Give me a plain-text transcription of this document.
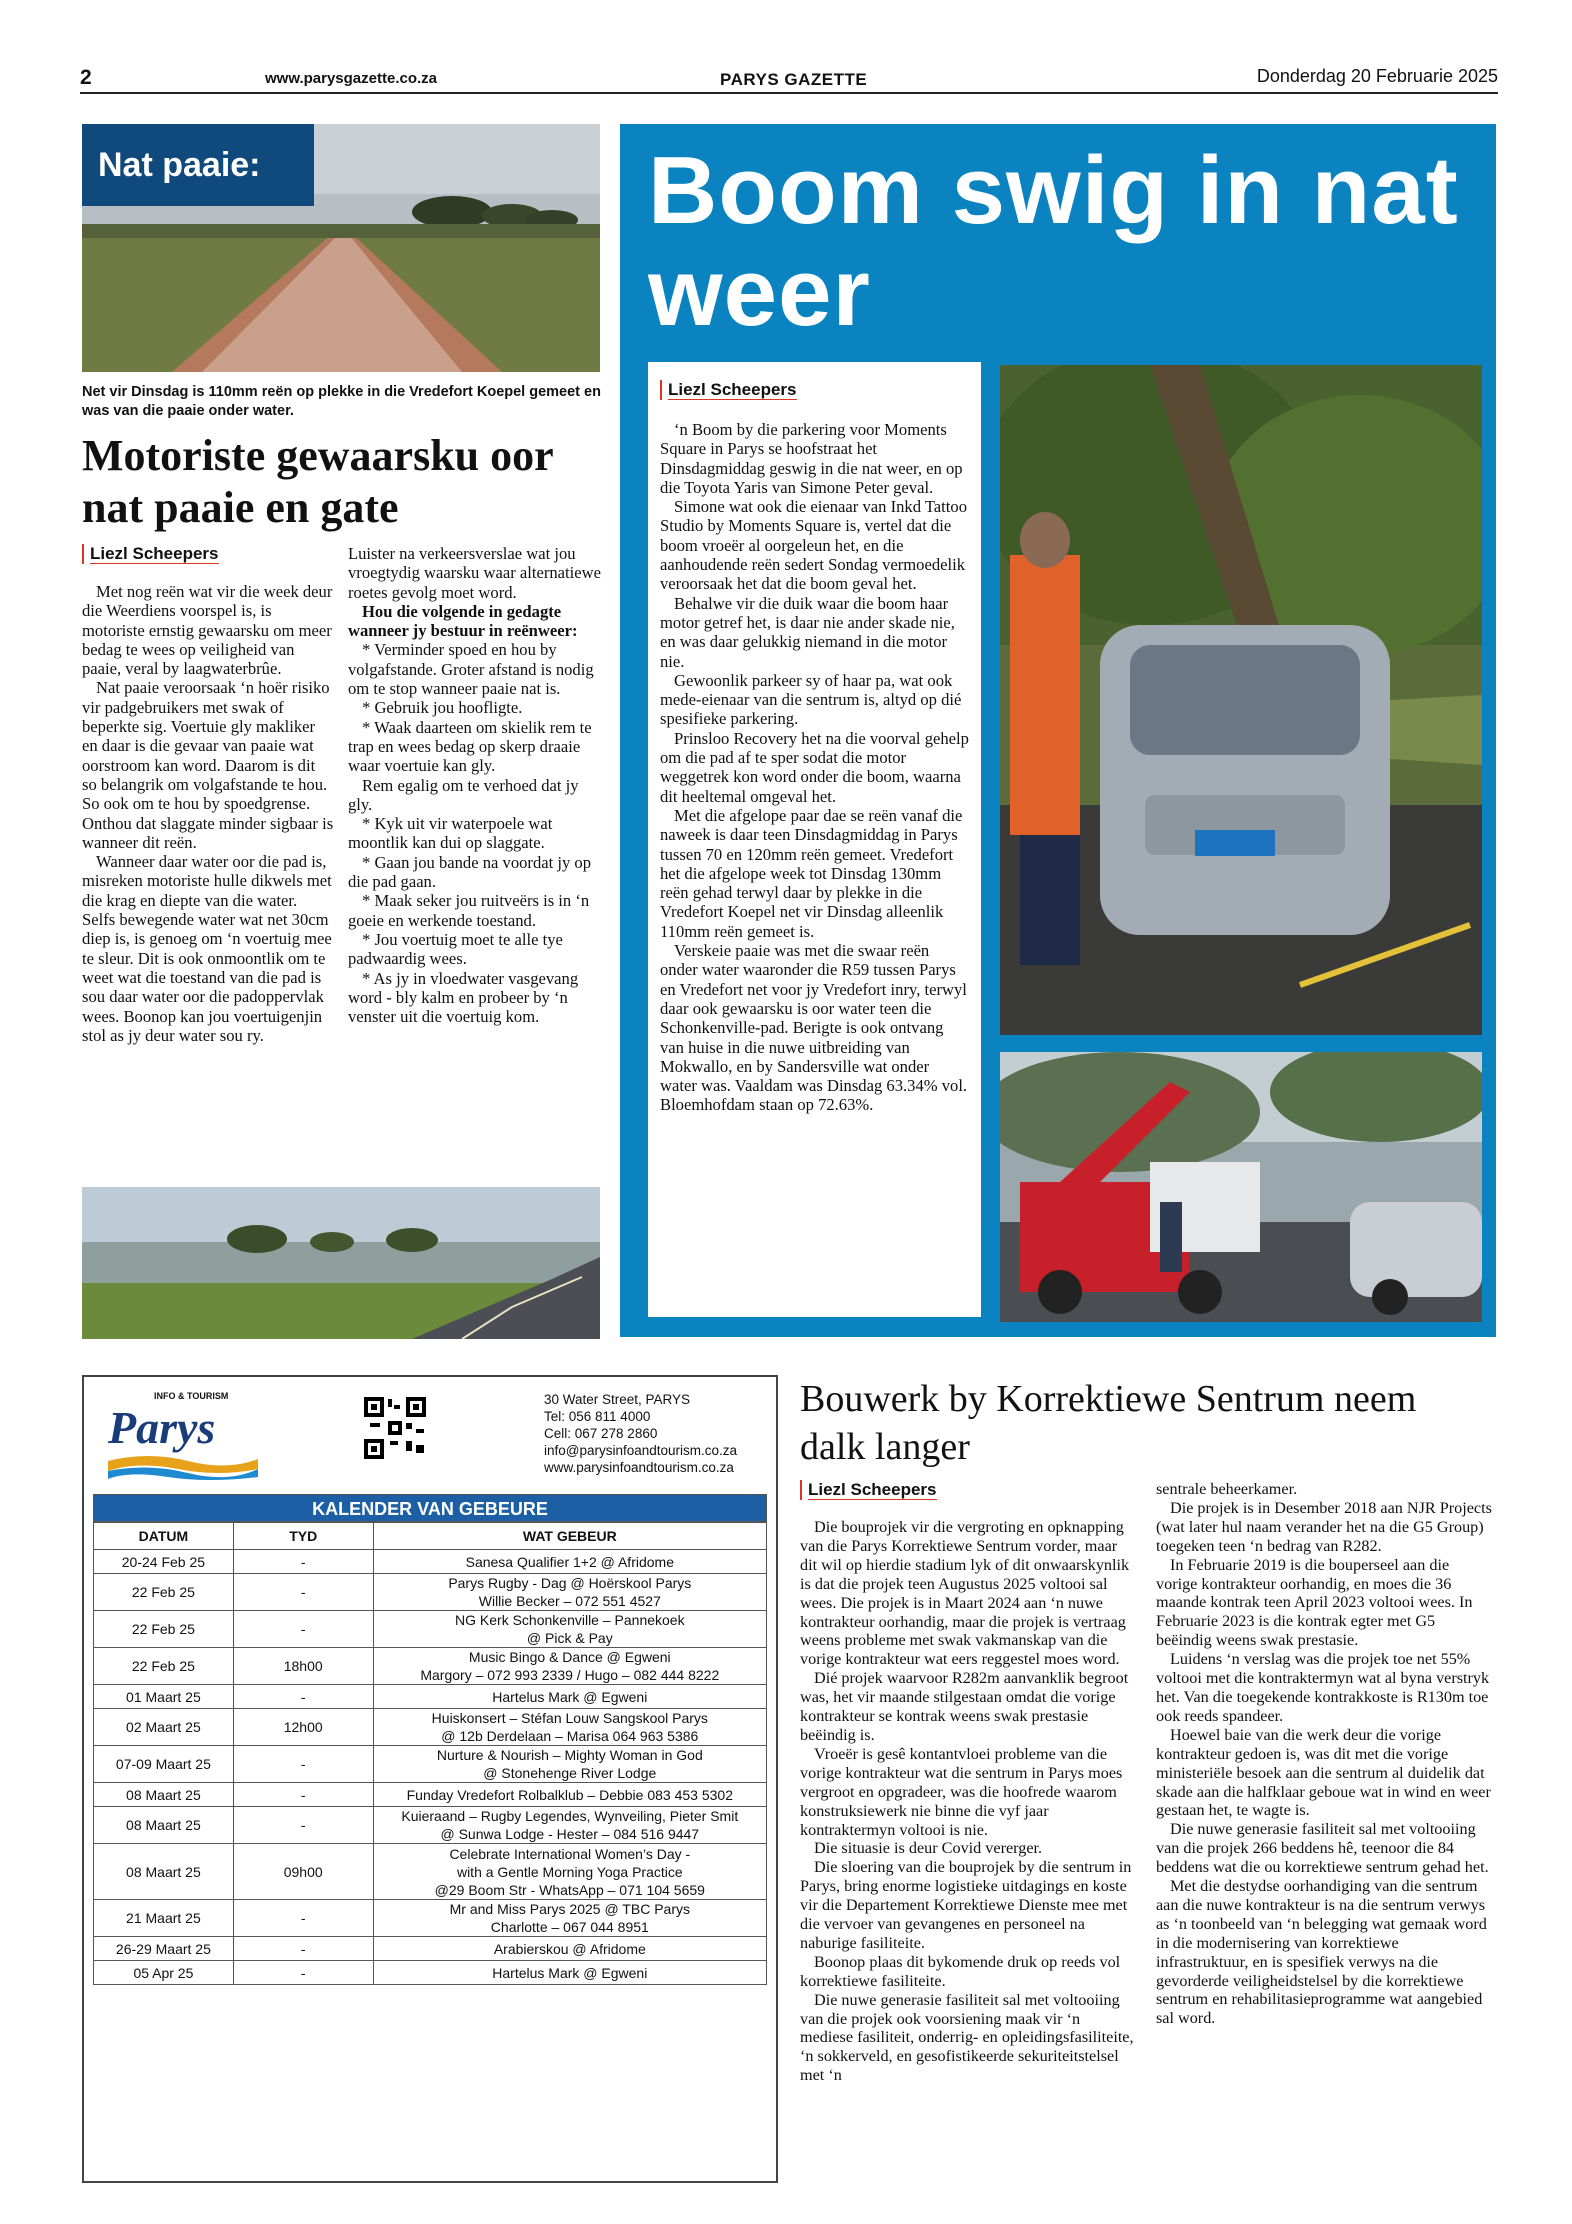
2	www.parysgazette.co.za	PARYS GAZETTE	Donderdag 20 Februarie 2025
Nat paaie:
Net vir Dinsdag is 110mm reën op plekke in die Vredefort Koepel gemeet en was van die paaie onder water.
Motoriste gewaarsku oor nat paaie en gate
Liezl Scheepers

Met nog reën wat vir die week deur die Weerdiens voorspel is, is motoriste ernstig gewaarsku om meer bedag te wees op veiligheid van paaie, veral by laagwaterbrûe.

Nat paaie veroorsaak ‘n hoër risiko vir padgebruikers met swak of beperkte sig. Voertuie gly makliker en daar is die gevaar van paaie wat oorstroom kan word. Daarom is dit so belangrik om volgafstande te hou. So ook om te hou by spoedgrense. Onthou dat slaggate minder sigbaar is wanneer dit reën.

Wanneer daar water oor die pad is, misreken motoriste hulle dikwels met die krag en diepte van die water. Selfs bewegende water wat net 30cm diep is, is genoeg om ‘n voertuig mee te sleur. Dit is ook onmoontlik om te weet wat die toestand van die pad is sou daar water oor die padoppervlak wees. Boonop kan jou voertuigenjin stol as jy deur water sou ry.

Luister na verkeersverslae wat jou vroegtydig waarsku waar alternatiewe roetes gevolg moet word.

Hou die volgende in gedagte wanneer jy bestuur in reënweer:

* Verminder spoed en hou by volgafstande. Groter afstand is nodig om te stop wanneer paaie nat is.

* Gebruik jou hoofligte.

* Waak daarteen om skielik rem te trap en wees bedag op skerp draaie waar voertuie kan gly.

Rem egalig om te verhoed dat jy gly.

* Kyk uit vir waterpoele wat moontlik kan dui op slaggate.

* Gaan jou bande na voordat jy op die pad gaan.

* Maak seker jou ruitveërs is in ‘n goeie en werkende toestand.

* Jou voertuig moet te alle tye padwaardig wees.

* As jy in vloedwater vasgevang word - bly kalm en probeer by ‘n venster uit die voertuig kom.

Boom swig in nat weer
Liezl Scheepers

‘n Boom by die parkering voor Moments Square in Parys se hoofstraat het Dinsdagmiddag geswig in die nat weer, en op die Toyota Yaris van Simone Peter geval.

Simone wat ook die eienaar van Inkd Tattoo Studio by Moments Square is, vertel dat die boom vroeër al oorgeleun het, en die aanhoudende reën sedert Sondag vermoedelik veroorsaak het dat die boom geval het.

Behalwe vir die duik waar die boom haar motor getref het, is daar nie ander skade nie, en was daar gelukkig niemand in die motor nie.

Gewoonlik parkeer sy of haar pa, wat ook mede-eienaar van die sentrum is, altyd op dié spesifieke parkering.

Prinsloo Recovery het na die voorval gehelp om die pad af te sper sodat die motor weggetrek kon word onder die boom, waarna dit heeltemal omgeval het.

Met die afgelope paar dae se reën vanaf die naweek is daar teen Dinsdagmiddag in Parys tussen 70 en 120mm reën gemeet. Vredefort het die afgelope week tot Dinsdag 130mm reën gehad terwyl daar by plekke in die Vredefort Koepel net vir Dinsdag alleenlik 110mm reën gemeet is.

Verskeie paaie was met die swaar reën onder water waaronder die R59 tussen Parys en Vredefort net voor jy Vredefort inry, terwyl daar ook gewaarsku is oor water teen die Schonkenville-pad. Berigte is ook ontvang van huise in die nuwe uitbreiding van Mokwallo, en by Sandersville wat onder water was. Vaaldam was Dinsdag 63.34% vol. Bloemhofdam staan op 72.63%.

INFO & TOURISM
Parys
30 Water Street, PARYS
Tel: 056 811 4000
Cell: 067 278 2860
info@parysinfoandtourism.co.za
www.parysinfoandtourism.co.za
KALENDER VAN GEBEURE
DATUM	TYD	WAT GEBEUR
20-24 Feb 25	-	Sanesa Qualifier 1+2 @ Afridome

22 Feb 25	-	Parys Rugby - Dag @ Hoërskool Parys
Willie Becker – 072 551 4527

22 Feb 25	-	NG Kerk Schonkenville – Pannekoek
@ Pick & Pay

22 Feb 25	18h00	Music Bingo & Dance @ Egweni
Margory – 072 993 2339 / Hugo – 082 444 8222

01 Maart 25	-	Hartelus Mark @ Egweni

02 Maart 25	12h00	Huiskonsert – Stéfan Louw Sangskool Parys
@ 12b Derdelaan – Marisa 064 963 5386

07-09 Maart 25	-	Nurture & Nourish – Mighty Woman in God
@ Stonehenge River Lodge

08 Maart 25	-	Funday Vredefort Rolbalklub – Debbie 083 453 5302

08 Maart 25	-	Kuieraand – Rugby Legendes, Wynveiling, Pieter Smit
@ Sunwa Lodge - Hester – 084 516 9447

08 Maart 25	09h00	Celebrate International Women’s Day -
with a Gentle Morning Yoga Practice
@29 Boom Str - WhatsApp – 071 104 5659

21 Maart 25	-	Mr and Miss Parys 2025 @ TBC Parys
Charlotte – 067 044 8951

26-29 Maart 25	-	Arabierskou @ Afridome

05 Apr 25	-	Hartelus Mark @ Egweni
Bouwerk by Korrektiewe Sentrum neem dalk langer
Liezl Scheepers

Die bouprojek vir die vergroting en opknapping van die Parys Korrektiewe Sentrum vorder, maar dit wil op hierdie stadium lyk of dit onwaarskynlik is dat die projek teen Augustus 2025 voltooi sal wees. Die projek is in Maart 2024 aan ‘n nuwe kontrakteur oorhandig, maar die projek is vertraag weens probleme met swak vakmanskap van die vorige kontrakteur wat eers reggestel moes word.

Dié projek waarvoor R282m aanvanklik begroot was, het vir maande stilgestaan omdat die vorige kontrakteur se kontrak weens swak prestasie beëindig is.

Vroeër is gesê kontantvloei probleme van die vorige kontrakteur wat die sentrum in Parys moes vergroot en opgradeer, was die hoofrede waarom konstruksiewerk nie binne die vyf jaar kontraktermyn voltooi is nie.

Die situasie is deur Covid vererger.

Die sloering van die bouprojek by die sentrum in Parys, bring enorme logistieke uitdagings en koste vir die Departement Korrektiewe Dienste mee met die vervoer van gevangenes en personeel na naburige fasiliteite.

Boonop plaas dit bykomende druk op reeds vol korrektiewe fasiliteite.

Die nuwe generasie fasiliteit sal met voltooiing van die projek ook voorsiening maak vir ‘n mediese fasiliteit, onderrig- en opleidingsfasiliteite, ‘n sokkerveld, en gesofistikeerde sekuriteitstelsel met ‘n

sentrale beheerkamer.

Die projek is in Desember 2018 aan NJR Projects (wat later hul naam verander het na die G5 Group) toegeken teen ‘n bedrag van R282.

In Februarie 2019 is die bouperseel aan die vorige kontrakteur oorhandig, en moes die 36 maande kontrak teen April 2023 voltooi wees. In Februarie 2023 is die kontrak egter met G5 beëindig weens swak prestasie.

Luidens ‘n verslag was die projek toe net 55% voltooi met die kontraktermyn wat al byna verstryk het. Van die toegekende kontrakkoste is R130m toe ook reeds spandeer.

Hoewel baie van die werk deur die vorige kontrakteur gedoen is, was dit met die vorige ministeriële besoek aan die sentrum al duidelik dat skade aan die halfklaar geboue wat in wind en weer gestaan het, te wagte is.

Die nuwe generasie fasiliteit sal met voltooiing van die projek 266 beddens hê, teenoor die 84 beddens wat die ou korrektiewe sentrum gehad het.

Met die destydse oorhandiging van die sentrum aan die nuwe kontrakteur is na die sentrum verwys as ‘n toonbeeld van ‘n belegging wat gemaak word in die modernisering van korrektiewe infrastruktuur, en is spesifiek verwys na die gevorderde veiligheidstelsel by die korrektiewe sentrum en rehabilitasieprogramme wat aangebied sal word.
